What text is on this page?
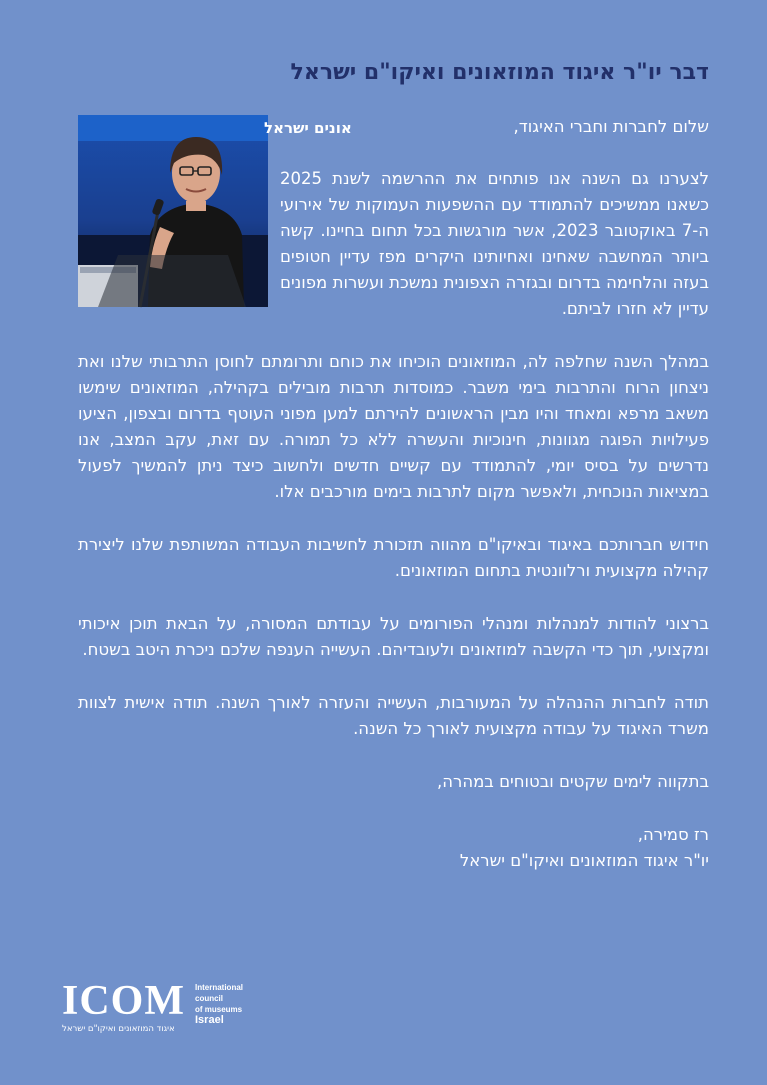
דבר יו"ר איגוד המוזאונים ואיקו"ם ישראל
אונים ישראל	שלום לחברות וחברי האיגוד,

לצערנו גם השנה אנו פותחים את ההרשמה לשנת 2025 כשאנו ממשיכים להתמודד עם ההשפעות העמוקות של אירועי ה-7 באוקטובר 2023, אשר מורגשות בכל תחום בחיינו. קשה ביותר המחשבה שאחינו ואחיותינו היקרים מפז עדיין חטופים בעזה והלחימה בדרום ובגזרה הצפונית נמשכת ועשרות מפונים עדיין לא חזרו לביתם.

במהלך השנה שחלפה לה, המוזאונים הוכיחו את כוחם ותרומתם לחוסן התרבותי שלנו ואת ניצחון הרוח והתרבות בימי משבר. כמוסדות תרבות מובילים בקהילה, המוזאונים שימשו משאב מרפא ומאחד והיו מבין הראשונים להירתם למען מפוני העוטף בדרום ובצפון, הציעו פעילויות הפוגה מגוונות, חינוכיות והעשרה ללא כל תמורה. עם זאת, עקב המצב, אנו נדרשים על בסיס יומי, להתמודד עם קשיים חדשים ולחשוב כיצד ניתן להמשיך לפעול במציאות הנוכחית, ולאפשר מקום לתרבות בימים מורכבים אלו.

חידוש חברותכם באיגוד ובאיקו"ם מהווה תזכורת לחשיבות העבודה המשותפת שלנו ליצירת קהילה מקצועית ורלוונטית בתחום המוזאונים.

ברצוני להודות למנהלות ומנהלי הפורומים על עבודתם המסורה, על הבאת תוכן איכותי ומקצועי, תוך כדי הקשבה למוזאונים ולעובדיהם. העשייה הענפה שלכם ניכרת היטב בשטח.

תודה לחברות ההנהלה על המעורבות, העשייה והעזרה לאורך השנה. תודה אישית לצוות משרד האיגוד על עבודה מקצועית לאורך כל השנה.

בתקווה לימים שקטים ובטוחים במהרה,

רז סמירה,
יו"ר איגוד המוזאונים ואיקו"ם ישראל
ICOM International
council
of museums
Israel
איגוד המוזאונים ואיקו"ם ישראל
